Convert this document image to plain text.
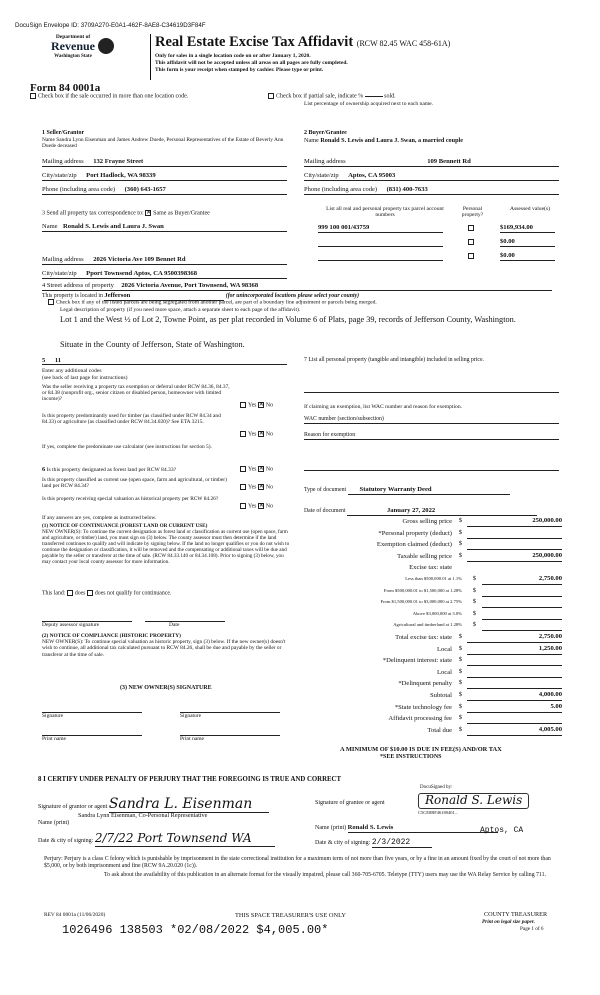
DocuSign Envelope ID: 3709A270-E0A1-462F-8AE8-C34619D3F84F
Department of
Revenue
Washington State
Real Estate Excise Tax Affidavit (RCW 82.45 WAC 458-61A)
Only for sales in a single location code on or after January 1, 2020.
This affidavit will not be accepted unless all areas on all pages are fully completed.
This form is your receipt when stamped by cashier. Please type or print.
Form 84 0001a
Check box if the sale occurred in more than one location code.	Check box if partial sale, indicate %	sold.
List percentage of ownership acquired next to each name.
1 Seller/Grantor
Name Sandra Lynn Eisenman and James Andrew Duede, Personal Representatives of the Estate of Beverly Ann Duede deceased
Mailing address 132 Frayne Street
City/state/zip Port Hadlock, WA 98339
Phone (including area code) (360) 643-1657
2 Buyer/Grantee
Name Ronald S. Lewis and Laura J. Swan, a married couple
Mailing address	109 Bennett Rd
City/state/zip Aptos, CA 95003
Phone (including area code) (831) 400-7633
3 Send all property tax correspondence to: ✕ Same as Buyer/Grantee
Name Ronald S. Lewis and Laura J. Swan
Mailing address 2026 Victoria Ave 109 Bennet Rd
City/state/zip Pport Townsend Aptos, CA 9500398368
List all real and personal property tax parcel account numbers
Personal property?
Assessed value(s)
999 100 001/43759	$169,934.00
$0.00
$0.00
4 Street address of property 2026 Victoria Avenue, Port Townsend, WA 98368
This property is located in Jefferson	(for unincorporated locations please select your county)
Check box if any of the listed parcels are being segregated from another parcel, are part of a boundary line adjustment or parcels being merged.
Legal description of property (if you need more space, attach a separate sheet to each page of the affidavit).
Lot 1 and the West ½ of Lot 2, Towne Point, as per plat recorded in Volume 6 of Plats, page 39, records of Jefferson County, Washington.
Situate in the County of Jefferson, State of Washington.
5 11
Enter any additional codes
(see back of last page for instructions)
Was the seller receiving a property tax exemption or deferral under RCW 84.36, 84.37, or 84.38 (nonprofit org., senior citizen or disabled person, homeowner with limited income)?
Yes ✕ No
Is this property predominantly used for timber (as classified under RCW 84.34 and 84.33) or agriculture (as classified under RCW 84.34.020)? See ETA 3215.
Yes ✕ No
If yes, complete the predominate use calculator (see instructions for section 5).
6 Is this property designated as forest land per RCW 84.33?	Yes ✕ No
Is this property classified as current use (open space, farm and agricultural, or timber) land per RCW 84.34?	Yes ✕ No
Is this property receiving special valuation as historical property per RCW 84.26?
Yes ✕ No
If any answers are yes, complete as instructed below.
(1) NOTICE OF CONTINUANCE (FOREST LAND OR CURRENT USE)
NEW OWNER(S): To continue the current designation as forest land or classification as current use (open space, farm and agriculture, or timber) land, you must sign on (3) below. The county assessor must then determine if the land transferred continues to qualify and will indicate by signing below. If the land no longer qualifies or you do not wish to continue the designation or classification, it will be removed and the compensating or additional taxes will be due and payable by the seller or transferor at the time of sale. (RCW 84.33.140 or 84.34.108). Prior to signing (3) below, you may contact your local county assessor for more information.
This land: does does not qualify for continuance.
Deputy assessor signature	Date
(2) NOTICE OF COMPLIANCE (HISTORIC PROPERTY)
NEW OWNER(S): To continue special valuation as historic property, sign (3) below. If the new owner(s) doesn't wish to continue, all additional tax calculated pursuant to RCW 84.26, shall be due and payable by the seller or transferor at the time of sale.
(3) NEW OWNER(S) SIGNATURE
Signature	Signature
Print name	Print name
7 List all personal property (tangible and intangible) included in selling price.
If claiming an exemption, list WAC number and reason for exemption.
WAC number (section/subsection)
Reason for exemption
Type of document Statutory Warranty Deed
Date of document	January 27, 2022
Gross selling price $	250,000.00
*Personal property (deduct) $
Exemption claimed (deduct) $
Taxable selling price $	250,000.00
Excise tax: state
Less than $500,000.01 at 1.1% $	2,750.00
From $500,000.01 to $1,500,000 at 1.28% $
From $1,500,000.01 to $3,000,000 at 2.75% $
Above $3,000,000 at 3.0% $
Agricultural and timberland at 1.28% $
Total excise tax: state $	2,750.00
Local $	1,250.00
*Delinquent interest: state $
Local $
*Delinquent penalty $
Subtotal $	4,000.00
*State technology fee $	5.00
Affidavit processing fee $
Total due $	4,005.00
A MINIMUM OF $10.00 IS DUE IN FEE(S) AND/OR TAX
*SEE INSTRUCTIONS
8 I CERTIFY UNDER PENALTY OF PERJURY THAT THE FOREGOING IS TRUE AND CORRECT
Signature of grantor or agent Sandra L. Eisenman
Sandra Lynn Eisenman, Co-Personal Representative
Name (print)
Date & city of signing: 2/7/22 Port Townsend WA
DocuSigned by:
Signature of grantee or agent	Ronald S. Lewis
C5CE8BF46180401...
Name (print) Ronald S. Lewis
Date & city of signing: 2/3/2022
Aptos, CA
Perjury: Perjury is a class C felony which is punishable by imprisonment in the state correctional institution for a maximum term of not more than five years, or by a fine in an amount fixed by the court of not more than $5,000, or by both imprisonment and fine (RCW 9A.20.020 (1c)).
To ask about the availability of this publication in an alternate format for the visually impaired, please call 360-705-6705. Teletype (TTY) users may use the WA Relay Service by calling 711.
REV 84 0001a (11/06/2020)	THIS SPACE TREASURER'S USE ONLY	COUNTY TREASURER
Print on legal size paper.
Page 1 of 6
1026496 138503 *02/08/2022 $4,005.00*
